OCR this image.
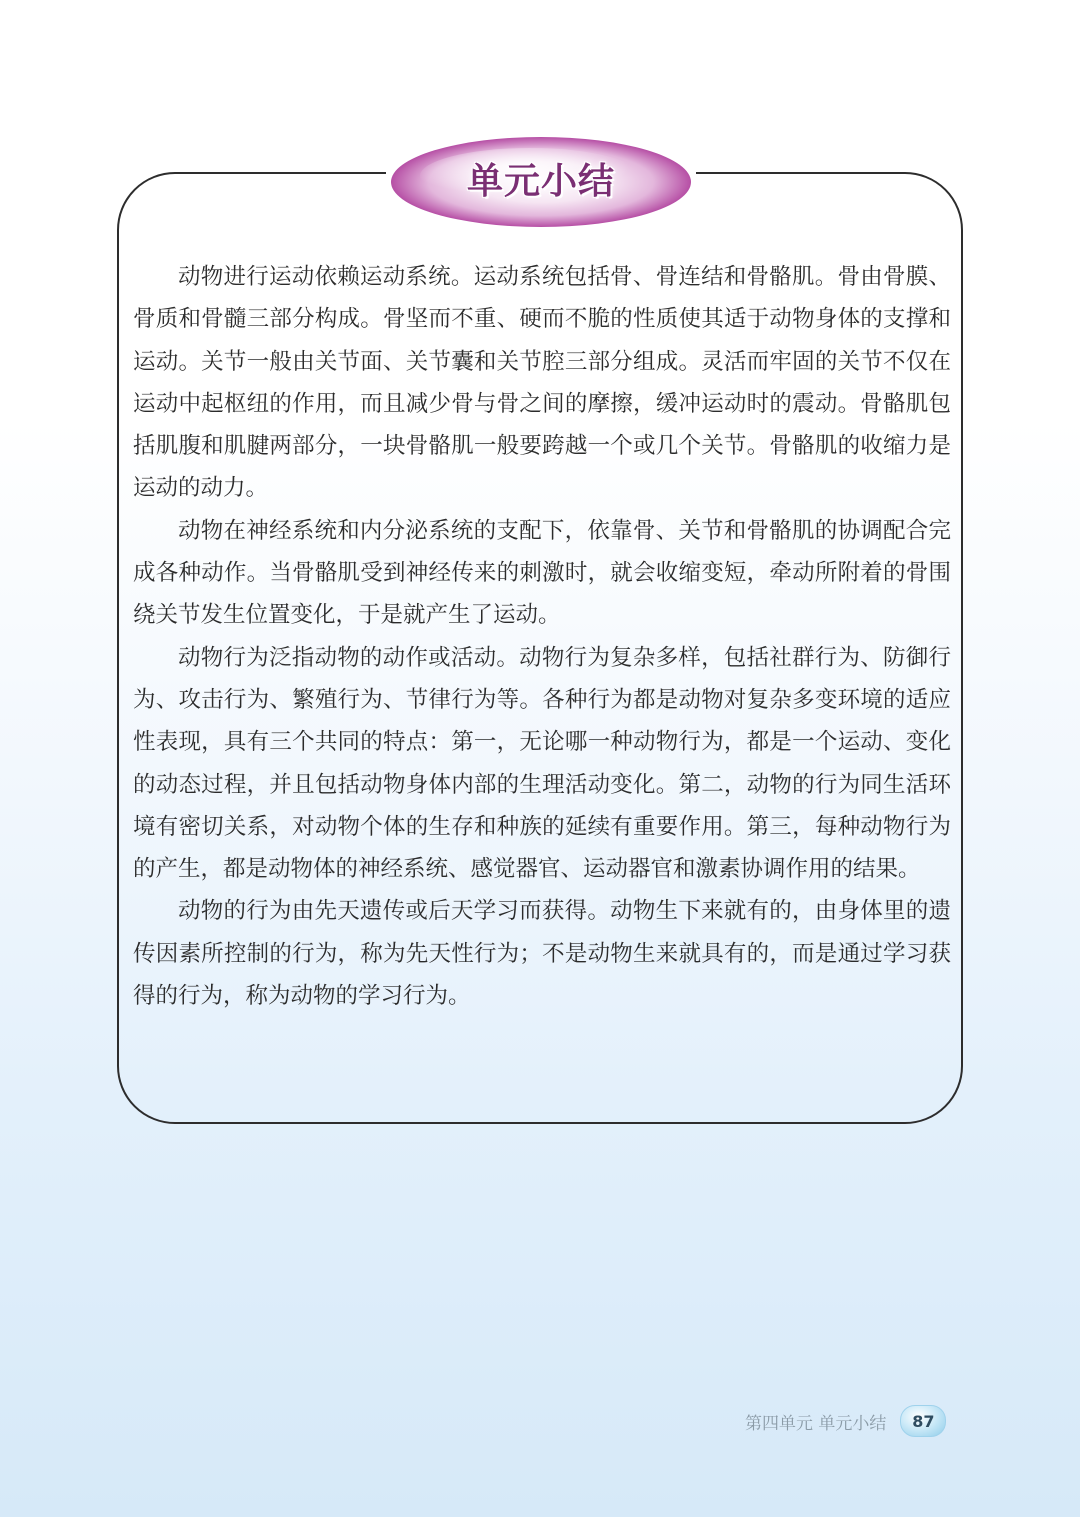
单元小结

动物进行运动依赖运动系统。运动系统包括骨、骨连结和骨骼肌。骨由骨膜、骨质和骨髓三部分构成。骨坚而不重、硬而不脆的性质使其适于动物身体的支撑和运动。关节一般由关节面、关节囊和关节腔三部分组成。灵活而牢固的关节不仅在运动中起枢纽的作用，而且减少骨与骨之间的摩擦，缓冲运动时的震动。骨骼肌包括肌腹和肌腱两部分，一块骨骼肌一般要跨越一个或几个关节。骨骼肌的收缩力是运动的动力。

动物在神经系统和内分泌系统的支配下，依靠骨、关节和骨骼肌的协调配合完成各种动作。当骨骼肌受到神经传来的刺激时，就会收缩变短，牵动所附着的骨围绕关节发生位置变化，于是就产生了运动。

动物行为泛指动物的动作或活动。动物行为复杂多样，包括社群行为、防御行为、攻击行为、繁殖行为、节律行为等。各种行为都是动物对复杂多变环境的适应性表现，具有三个共同的特点：第一，无论哪一种动物行为，都是一个运动、变化的动态过程，并且包括动物身体内部的生理活动变化。第二，动物的行为同生活环境有密切关系，对动物个体的生存和种族的延续有重要作用。第三，每种动物行为的产生，都是动物体的神经系统、感觉器官、运动器官和激素协调作用的结果。

动物的行为由先天遗传或后天学习而获得。动物生下来就有的，由身体里的遗传因素所控制的行为，称为先天性行为；不是动物生来就具有的，而是通过学习获得的行为，称为动物的学习行为。

第四单元 单元小结	87
